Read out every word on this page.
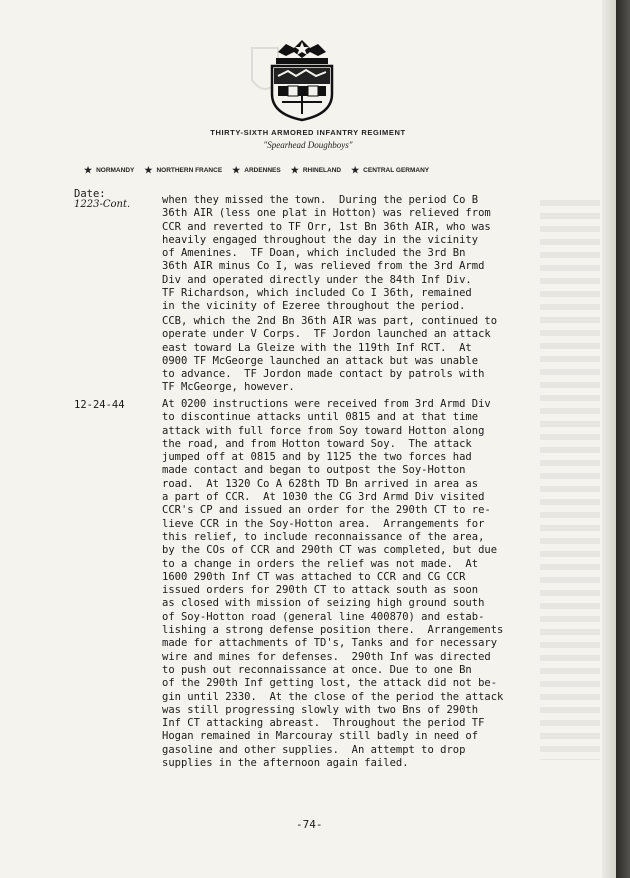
THIRTY-SIXTH ARMORED INFANTRY REGIMENT
"Spearhead Doughboys"
★ NORMANDY ★ NORTHERN FRANCE ★ ARDENNES ★ RHINELAND ★ CENTRAL GERMANY
Date:
1223-Cont.	when they missed the town.  During the period Co B
36th AIR (less one plat in Hotton) was relieved from
CCR and reverted to TF Orr, 1st Bn 36th AIR, who was
heavily engaged throughout the day in the vicinity
of Amenines.  TF Doan, which included the 3rd Bn
36th AIR minus Co I, was relieved from the 3rd Armd
Div and operated directly under the 84th Inf Div.
TF Richardson, which included Co I 36th, remained
in the vicinity of Ezeree throughout the period.
CCB, which the 2nd Bn 36th AIR was part, continued to
operate under V Corps.  TF Jordon launched an attack
east toward La Gleize with the 119th Inf RCT.  At
0900 TF McGeorge launched an attack but was unable
to advance.  TF Jordon made contact by patrols with
TF McGeorge, however.
12-24-44	At 0200 instructions were received from 3rd Armd Div
to discontinue attacks until 0815 and at that time
attack with full force from Soy toward Hotton along
the road, and from Hotton toward Soy.  The attack
jumped off at 0815 and by 1125 the two forces had
made contact and began to outpost the Soy-Hotton
road.  At 1320 Co A 628th TD Bn arrived in area as
a part of CCR.  At 1030 the CG 3rd Armd Div visited
CCR's CP and issued an order for the 290th CT to re-
lieve CCR in the Soy-Hotton area.  Arrangements for
this relief, to include reconnaissance of the area,
by the COs of CCR and 290th CT was completed, but due
to a change in orders the relief was not made.  At
1600 290th Inf CT was attached to CCR and CG CCR
issued orders for 290th CT to attack south as soon
as closed with mission of seizing high ground south
of Soy-Hotton road (general line 400870) and estab-
lishing a strong defense position there.  Arrangements
made for attachments of TD's, Tanks and for necessary
wire and mines for defenses.  290th Inf was directed
to push out reconnaissance at once. Due to one Bn
of the 290th Inf getting lost, the attack did not be-
gin until 2330.  At the close of the period the attack
was still progressing slowly with two Bns of 290th
Inf CT attacking abreast.  Throughout the period TF
Hogan remained in Marcouray still badly in need of
gasoline and other supplies.  An attempt to drop
supplies in the afternoon again failed.
-74-
